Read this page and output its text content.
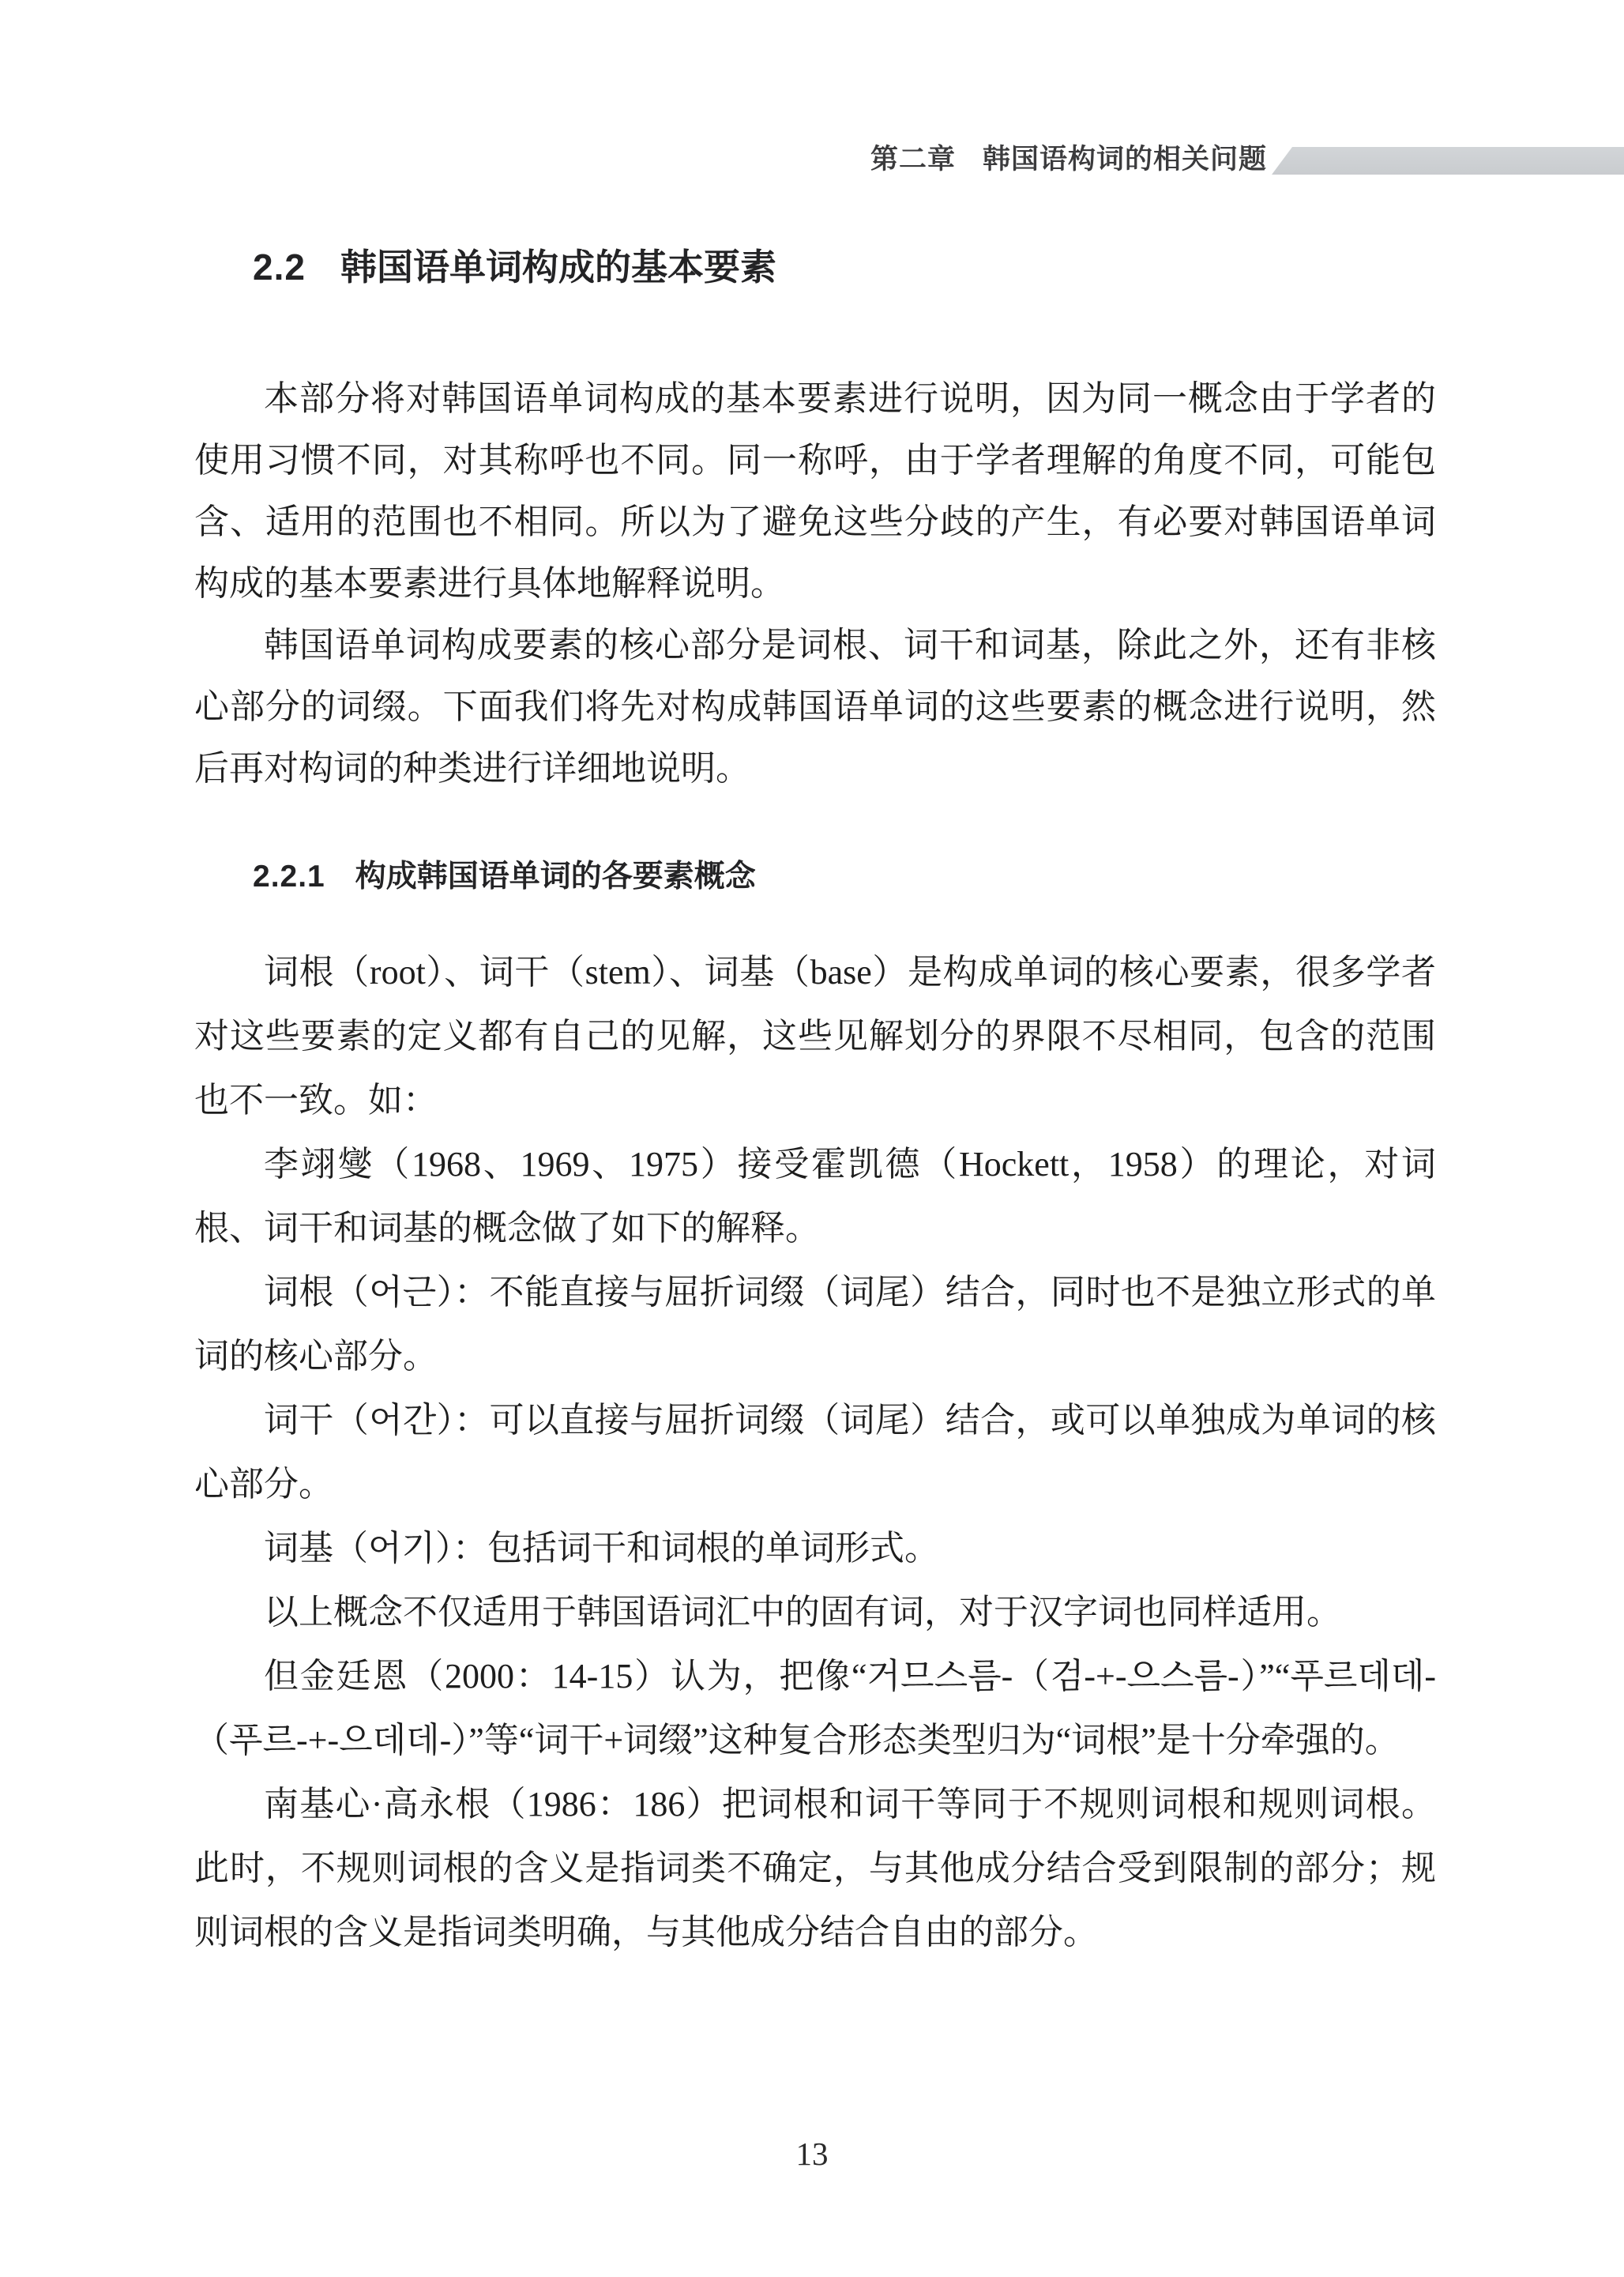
第二章 韩国语构词的相关问题
2.2 韩国语单词构成的基本要素

本部分将对韩国语单词构成的基本要素进行说明，因为同一概念由于学者的使用习惯不同，对其称呼也不同。同一称呼，由于学者理解的角度不同，可能包含、适用的范围也不相同。所以为了避免这些分歧的产生，有必要对韩国语单词构成的基本要素进行具体地解释说明。

韩国语单词构成要素的核心部分是词根、词干和词基，除此之外，还有非核心部分的词缀。下面我们将先对构成韩国语单词的这些要素的概念进行说明，然后再对构词的种类进行详细地说明。

2.2.1 构成韩国语单词的各要素概念

词根（root）、词干（stem）、词基（base）是构成单词的核心要素，很多学者对这些要素的定义都有自己的见解，这些见解划分的界限不尽相同，包含的范围也不一致。如：

李翊燮（1968、1969、1975）接受霍凯德（Hockett，1958）的理论，对词根、词干和词基的概念做了如下的解释。

词根（어근）：不能直接与屈折词缀（词尾）结合，同时也不是独立形式的单词的核心部分。

词干（어간）：可以直接与屈折词缀（词尾）结合，或可以单独成为单词的核心部分。

词基（어기）：包括词干和词根的单词形式。

以上概念不仅适用于韩国语词汇中的固有词，对于汉字词也同样适用。

但金廷恩（2000：14-15）认为，把像“거므스름-（검-+-으스름-）”“푸르데데-（푸르-+-으데데-）”等“词干+词缀”这种复合形态类型归为“词根”是十分牵强的。

南基心·高永根（1986：186）把词根和词干等同于不规则词根和规则词根。此时，不规则词根的含义是指词类不确定，与其他成分结合受到限制的部分；规则词根的含义是指词类明确，与其他成分结合自由的部分。

13
